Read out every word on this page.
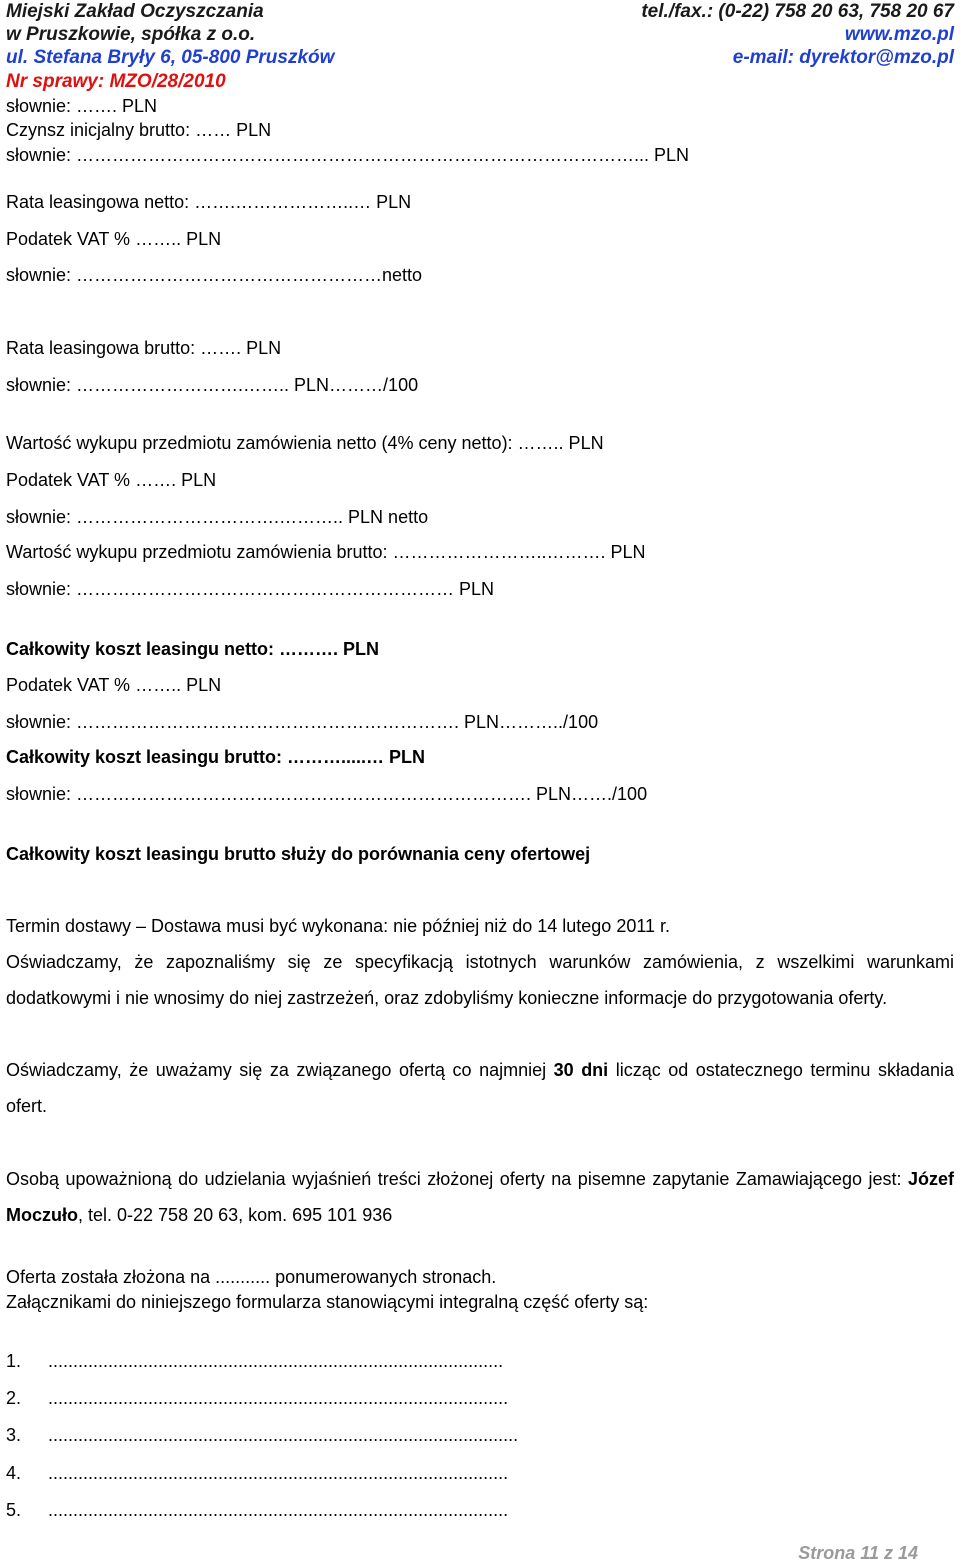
Miejski Zakład Oczyszczania
w Pruszkowie, spółka z o.o.
ul. Stefana Bryły 6, 05-800 Pruszków
Nr sprawy: MZO/28/2010
tel./fax.: (0-22) 758 20 63, 758 20 67
www.mzo.pl
e-mail: dyrektor@mzo.pl
słownie: ……. PLN
Czynsz inicjalny brutto: …… PLN
słownie: …………………………………………………………………………………... PLN
Rata leasingowa netto: …….………………..… PLN
Podatek VAT % …….. PLN
słownie: ……………………………………………netto
Rata leasingowa brutto: ……. PLN
słownie: ……………………….…….. PLN………/100
Wartość wykupu przedmiotu zamówienia netto (4% ceny netto): …….. PLN
Podatek VAT % ……. PLN
słownie: …………………………….……….. PLN netto
Wartość wykupu przedmiotu zamówienia brutto: ……………………..………. PLN
słownie: ……………………………………………………… PLN
Całkowity koszt leasingu netto: ………. PLN
Podatek VAT % …….. PLN
słownie: ………………………………………………………. PLN………../100
Całkowity koszt leasingu brutto: ……….....… PLN
słownie: …………………………………………………………………. PLN……./100
Całkowity koszt leasingu brutto służy do porównania ceny ofertowej
Termin dostawy – Dostawa musi być wykonana: nie później niż do 14 lutego 2011 r.
Oświadczamy, że zapoznaliśmy się ze specyfikacją istotnych warunków zamówienia, z wszelkimi warunkami dodatkowymi i nie wnosimy do niej zastrzeżeń, oraz zdobyliśmy konieczne informacje do przygotowania oferty.
Oświadczamy, że uważamy się za związanego ofertą co najmniej 30 dni licząc od ostatecznego terminu składania ofert.
Osobą upoważnioną do udzielania wyjaśnień treści złożonej oferty na pisemne zapytanie Zamawiającego jest: Józef Moczuło, tel. 0-22 758 20 63, kom. 695 101 936
Oferta została złożona na ........... ponumerowanych stronach.
Załącznikami do niniejszego formularza stanowiącymi integralną część oferty są:
1. ...........................................................................................
2. ............................................................................................
3. ..............................................................................................
4. ............................................................................................
5. ............................................................................................
Strona 11 z 14
